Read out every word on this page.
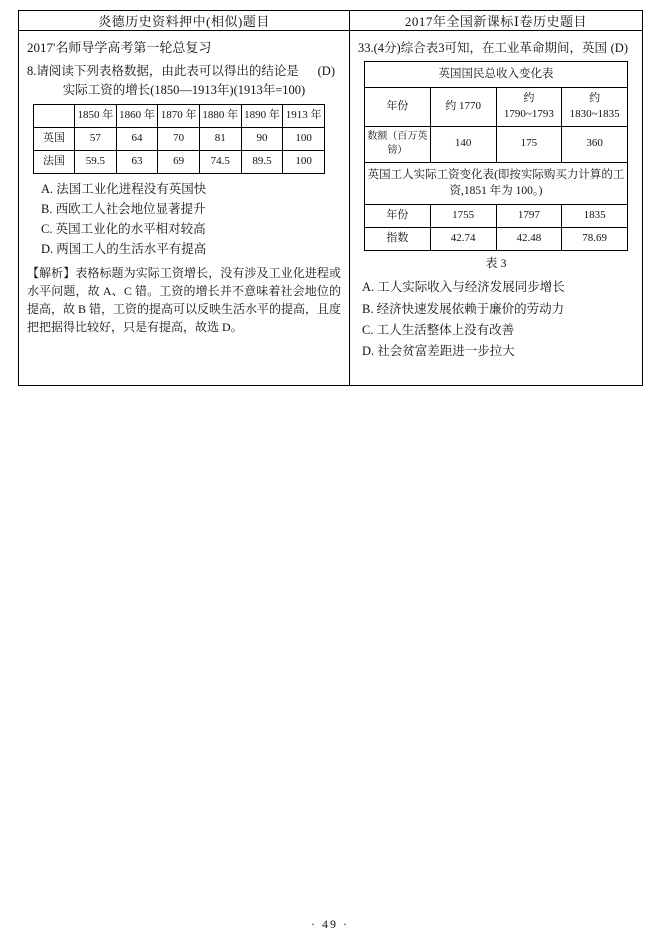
炎德历史资料押中(相似)题目	2017年全国新课标Ⅰ卷历史题目

2017'名师导学高考第一轮总复习
8.请阅读下列表格数据，由此表可以得出的结论是 (D)
实际工资的增长(1850—1913年)(1913年=100)
	1850 年	1860 年	1870 年	1880 年	1890 年	1913 年
英国	57	64	70	81	90	100
法国	59.5	63	69	74.5	89.5	100
A. 法国工业化进程没有英国快
B. 西欧工人社会地位显著提升
C. 英国工业化的水平相对较高
D. 两国工人的生活水平有提高
【解析】表格标题为实际工资增长，没有涉及工业化进程或水平问题，故 A、C 错。工资的增长并不意味着社会地位的提高，故 B 错，工资的提高可以反映生活水平的提高，且度把把据得比较好，只是有提高，故选 D。

33.(4分)综合表3可知，在工业革命期间，英国 (D)
英国国民总收入变化表
年份	约 1770	约 1790~1793	约 1830~1835
数额（百万英镑）	140	175	360
英国工人实际工资变化表(即按实际购买力计算的工资,1851 年为 100。)
年份	1755	1797	1835
指数	42.74	42.48	78.69
表 3
A. 工人实际收入与经济发展同步增长
B. 经济快速发展依赖于廉价的劳动力
C. 工人生活整体上没有改善
D. 社会贫富差距进一步拉大
· 49 ·
